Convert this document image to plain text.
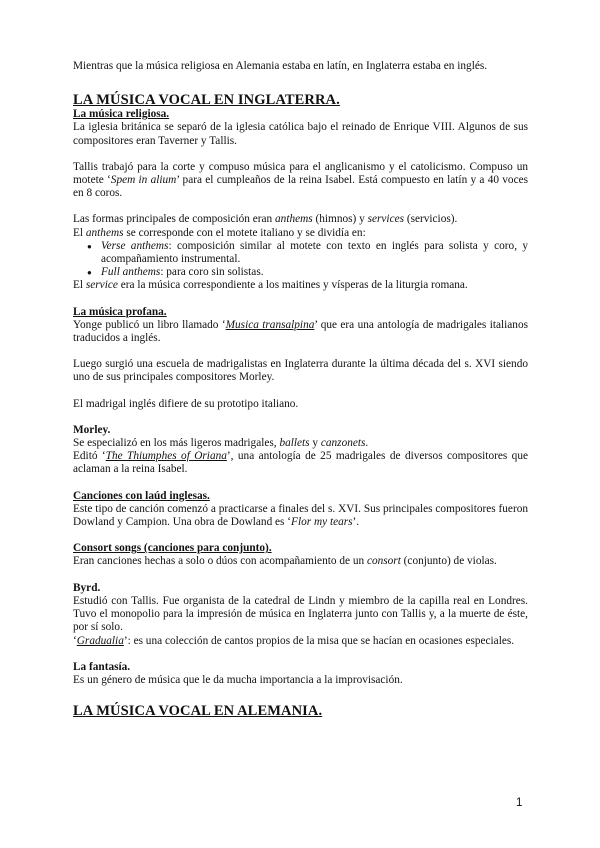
Mientras que la música religiosa en Alemania estaba en latín, en Inglaterra estaba en inglés.

LA MÚSICA VOCAL EN INGLATERRA.
La música religiosa.

La iglesia británica se separó de la iglesia católica bajo el reinado de Enrique VIII. Algunos de sus compositores eran Taverner y Tallis.

Tallis trabajó para la corte y compuso música para el anglicanismo y el catolicismo. Compuso un motete ‘Spem in alium’ para el cumpleaños de la reina Isabel. Está compuesto en latín y a 40 voces en 8 coros.

Las formas principales de composición eran anthems (himnos) y services (servicios).

El anthems se corresponde con el motete italiano y se dividía en:

● Verse anthems: composición similar al motete con texto en inglés para solista y coro, y acompañamiento instrumental.
● Full anthems: para coro sin solistas.

El service era la música correspondiente a los maitines y vísperas de la liturgia romana.

La música profana.

Yonge publicó un libro llamado ‘Musica transalpina’ que era una antología de madrigales italianos traducidos a inglés.

Luego surgió una escuela de madrigalistas en Inglaterra durante la última década del s. XVI siendo uno de sus principales compositores Morley.

El madrigal inglés difiere de su prototipo italiano.

Morley.

Se especializó en los más ligeros madrigales, ballets y canzonets.

Editó ‘The Thiumphes of Oriana’, una antología de 25 madrigales de diversos compositores que aclaman a la reina Isabel.

Canciones con laúd inglesas.

Este tipo de canción comenzó a practicarse a finales del s. XVI. Sus principales compositores fueron Dowland y Campion. Una obra de Dowland es ‘Flor my tears’.

Consort songs (canciones para conjunto).

Eran canciones hechas a solo o dúos con acompañamiento de un consort (conjunto) de violas.

Byrd.

Estudió con Tallis. Fue organista de la catedral de Lindn y miembro de la capilla real en Londres. Tuvo el monopolio para la impresión de música en Inglaterra junto con Tallis y, a la muerte de éste, por sí solo.

‘Gradualia’: es una colección de cantos propios de la misa que se hacían en ocasiones especiales.

La fantasía.

Es un género de música que le da mucha importancia a la improvisación.

LA MÚSICA VOCAL EN ALEMANIA.
1
